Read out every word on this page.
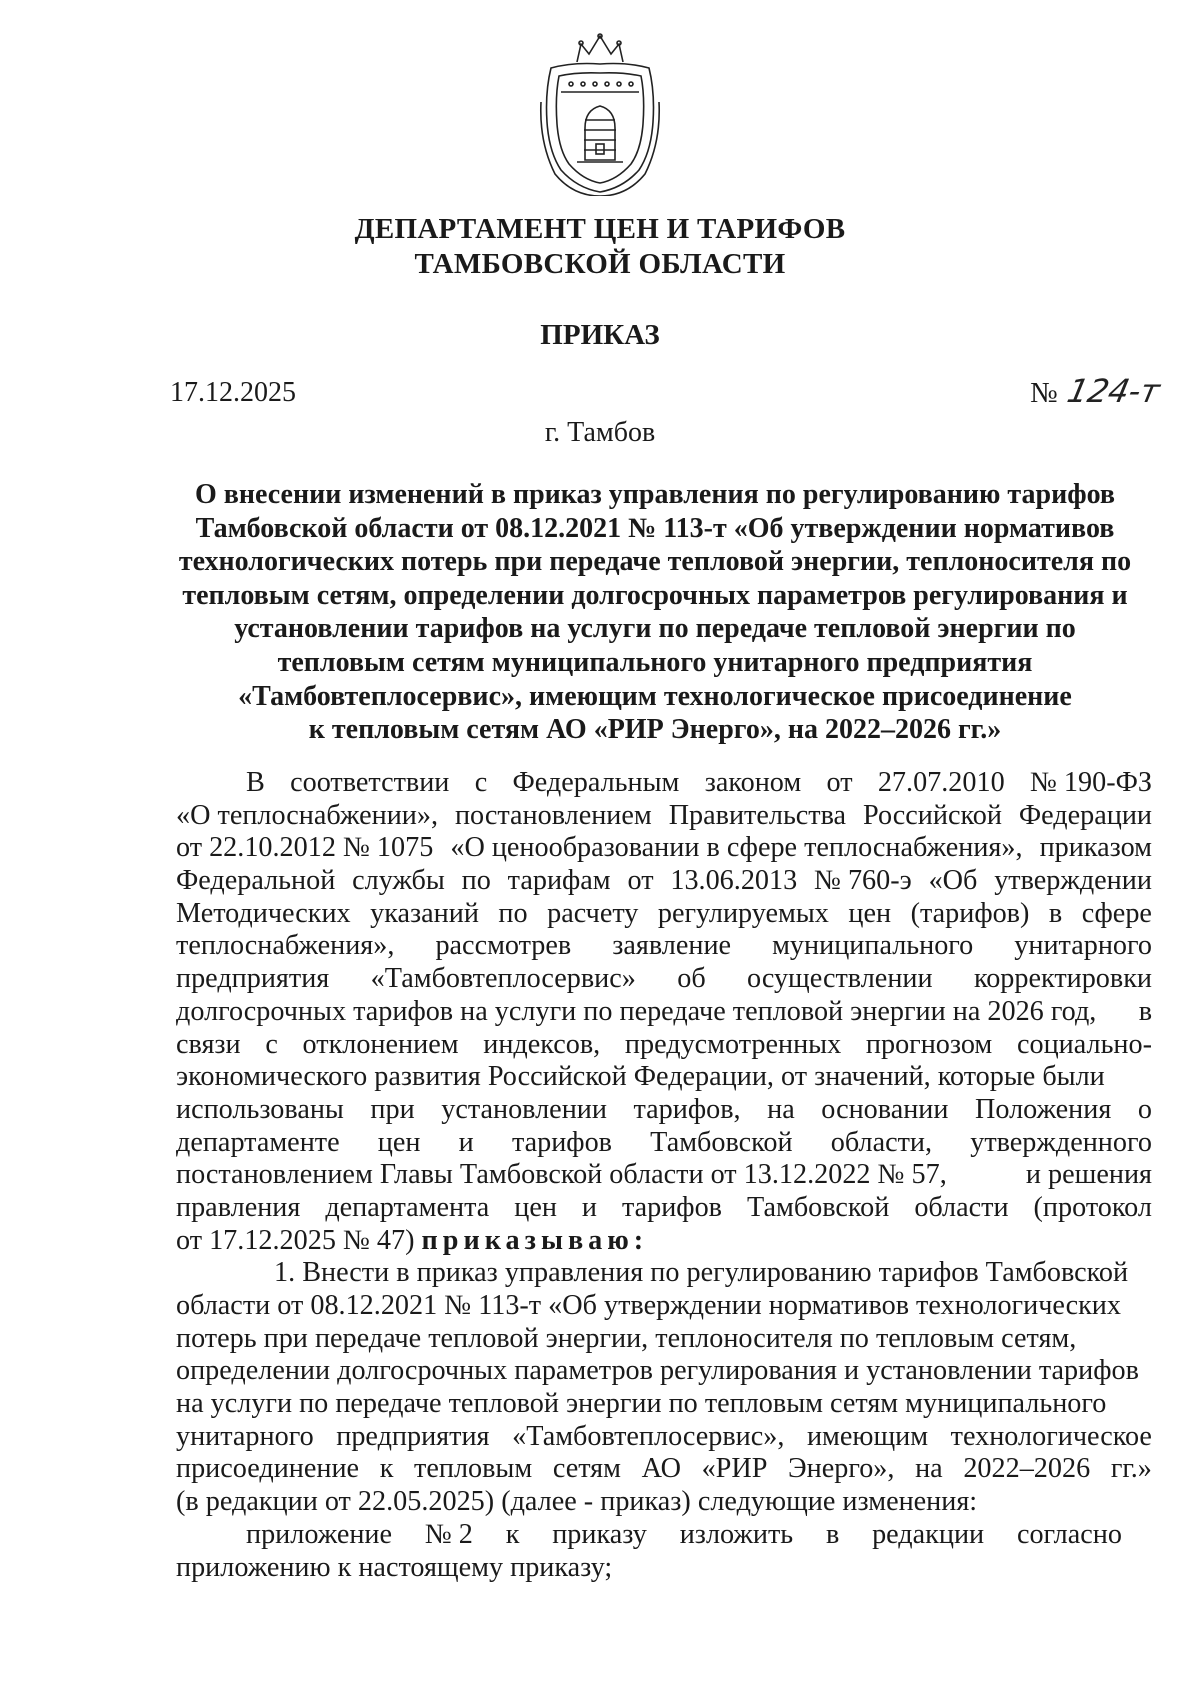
ДЕПАРТАМЕНТ ЦЕН И ТАРИФОВ
ТАМБОВСКОЙ ОБЛАСТИ
ПРИКАЗ
17.12.2025	№ 124-т
г. Тамбов
О внесении изменений в приказ управления по регулированию тарифов
Тамбовской области от 08.12.2021 № 113-т «Об утверждении нормативов
технологических потерь при передаче тепловой энергии, теплоносителя по
тепловым сетям, определении долгосрочных параметров регулирования и
установлении тарифов на услуги по передаче тепловой энергии по
тепловым сетям муниципального унитарного предприятия
«Тамбовтеплосервис», имеющим технологическое присоединение
к тепловым сетям АО «РИР Энерго», на 2022–2026 гг.»
В соответствии с Федеральным законом от 27.07.2010 № 190-ФЗ
«О теплоснабжении», постановлением Правительства Российской Федерации
от 22.10.2012 № 1075 «О ценообразовании в сфере теплоснабжения», приказом
Федеральной службы по тарифам от 13.06.2013 № 760-э «Об утверждении
Методических указаний по расчету регулируемых цен (тарифов) в сфере
теплоснабжения», рассмотрев заявление муниципального унитарного
предприятия «Тамбовтеплосервис» об осуществлении корректировки
долгосрочных тарифов на услуги по передаче тепловой энергии на 2026 год, в
связи с отклонением индексов, предусмотренных прогнозом социально-
экономического развития Российской Федерации, от значений, которые были
использованы при установлении тарифов, на основании Положения о
департаменте цен и тарифов Тамбовской области, утвержденного
постановлением Главы Тамбовской области от 13.12.2022 № 57,	и решения
правления департамента цен и тарифов Тамбовской области (протокол
от 17.12.2025 № 47)
приказываю:
1. Внести в приказ управления по регулированию тарифов Тамбовской
области от 08.12.2021 № 113-т «Об утверждении нормативов технологических
потерь при передаче тепловой энергии, теплоносителя по тепловым сетям,
определении долгосрочных параметров регулирования и установлении тарифов
на услуги по передаче тепловой энергии по тепловым сетям муниципального
унитарного предприятия «Тамбовтеплосервис», имеющим технологическое
присоединение к тепловым сетям АО «РИР Энерго», на 2022–2026 гг.»
(в редакции от 22.05.2025) (далее - приказ) следующие изменения:
приложение № 2 к приказу изложить в редакции согласно
приложению к настоящему приказу;
